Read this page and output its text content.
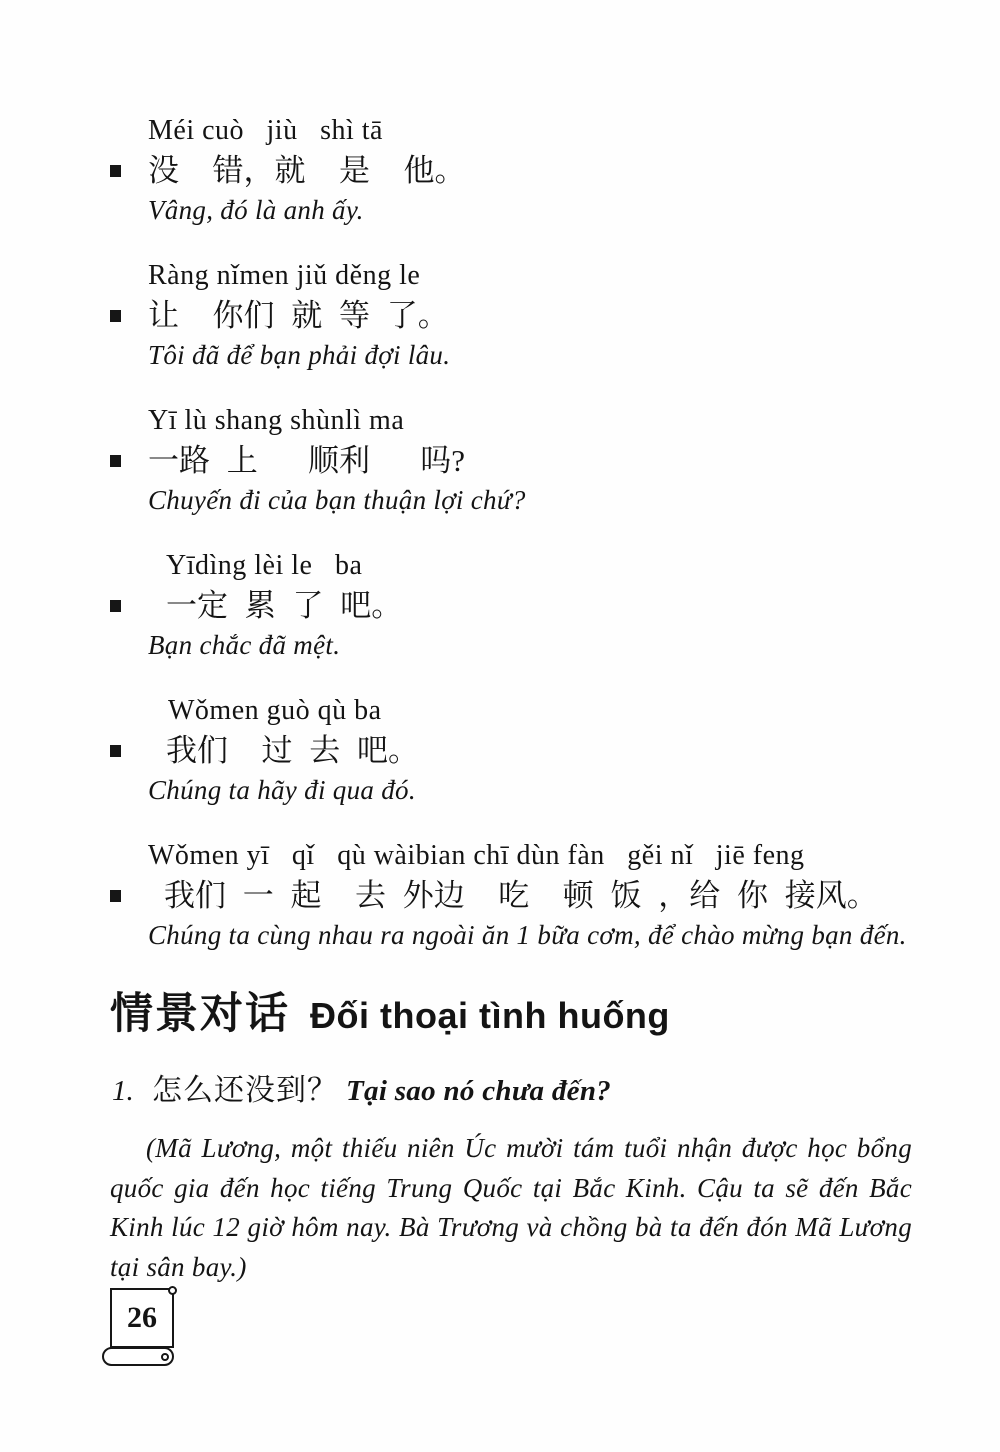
Méi cuò   jiù   shì tā
没  错，就  是  他。
Vâng, đó là anh ấy.
Ràng nǐmen jiǔ děng le
让  你们 就 等 了。
Tôi đã để bạn phải đợi lâu.
Yī lù shang shùnlì ma
一路 上   顺利   吗?
Chuyến đi của bạn thuận lợi chứ?
Yīdìng lèi le   ba
一定 累 了 吧。
Bạn chắc đã mệt.
Wǒmen guò qù ba
我们  过 去 吧。
Chúng ta hãy đi qua đó.
Wǒmen yī   qǐ   qù wàibian chī dùn fàn   gěi nǐ   jiē feng
我们 一 起  去 外边  吃  顿 饭 ，给 你 接风。
Chúng ta cùng nhau ra ngoài ăn 1 bữa cơm, để chào mừng bạn đến.
情景对话 Đối thoại tình huống
1. 怎么还没到？ Tại sao nó chưa đến?

(Mã Lương, một thiếu niên Úc mười tám tuổi nhận được học bổng quốc gia đến học tiếng Trung Quốc tại Bắc Kinh. Cậu ta sẽ đến Bắc Kinh lúc 12 giờ hôm nay. Bà Trương và chồng bà ta đến đón Mã Lương tại sân bay.)

26
